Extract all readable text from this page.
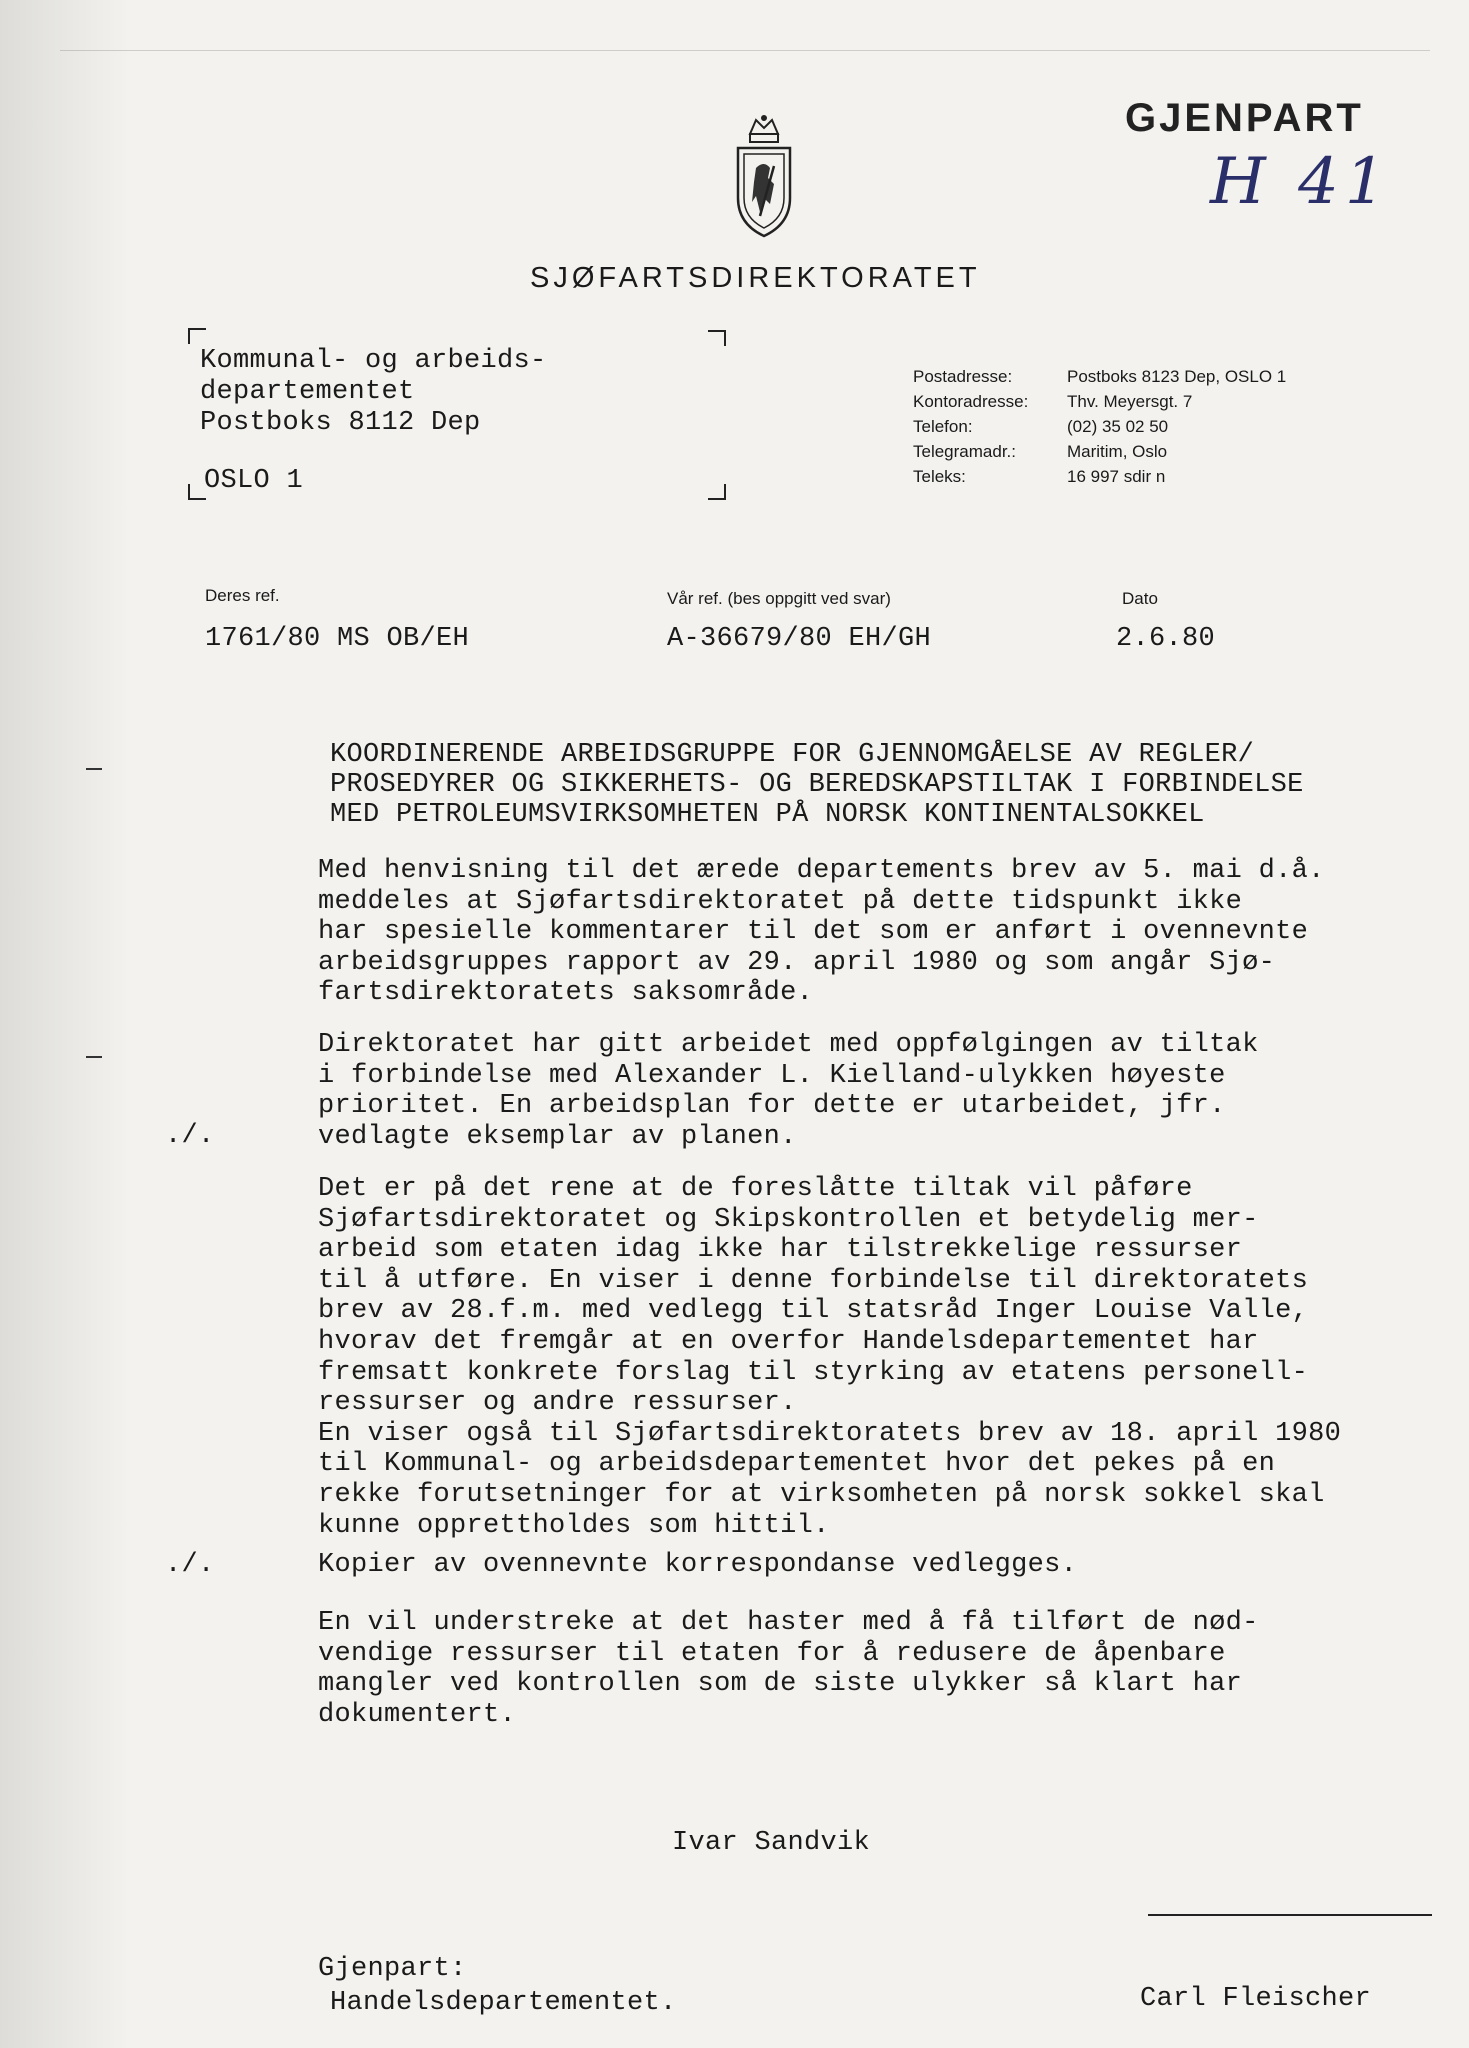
GJENPART
H 41
SJØFARTSDIREKTORATET
Kommunal- og arbeids-
departementet
Postboks 8112 Dep
OSLO 1
Postadresse:	Postboks 8123 Dep, OSLO 1
Kontoradresse:	Thv. Meyersgt. 7
Telefon:	(02) 35 02 50
Telegramadr.:	Maritim, Oslo
Teleks:	16 997 sdir n
Deres ref.
1761/80 MS OB/EH
Vår ref. (bes oppgitt ved svar)
A-36679/80 EH/GH
Dato
2.6.80
KOORDINERENDE ARBEIDSGRUPPE FOR GJENNOMGÅELSE AV REGLER/
PROSEDYRER OG SIKKERHETS- OG BEREDSKAPSTILTAK I FORBINDELSE
MED PETROLEUMSVIRKSOMHETEN PÅ NORSK KONTINENTALSOKKEL
Med henvisning til det ærede departements brev av 5. mai d.å.
meddeles at Sjøfartsdirektoratet på dette tidspunkt ikke
har spesielle kommentarer til det som er anført i ovennevnte
arbeidsgruppes rapport av 29. april 1980 og som angår Sjø-
fartsdirektoratets saksområde.
Direktoratet har gitt arbeidet med oppfølgingen av tiltak
i forbindelse med Alexander L. Kielland-ulykken høyeste
prioritet. En arbeidsplan for dette er utarbeidet, jfr.
vedlagte eksemplar av planen.
./.
Det er på det rene at de foreslåtte tiltak vil påføre
Sjøfartsdirektoratet og Skipskontrollen et betydelig mer-
arbeid som etaten idag ikke har tilstrekkelige ressurser
til å utføre. En viser i denne forbindelse til direktoratets
brev av 28.f.m. med vedlegg til statsråd Inger Louise Valle,
hvorav det fremgår at en overfor Handelsdepartementet har
fremsatt konkrete forslag til styrking av etatens personell-
ressurser og andre ressurser.
En viser også til Sjøfartsdirektoratets brev av 18. april 1980
til Kommunal- og arbeidsdepartementet hvor det pekes på en
rekke forutsetninger for at virksomheten på norsk sokkel skal
kunne opprettholdes som hittil.
Kopier av ovennevnte korrespondanse vedlegges.
./.
En vil understreke at det haster med å få tilført de nød-
vendige ressurser til etaten for å redusere de åpenbare
mangler ved kontrollen som de siste ulykker så klart har
dokumentert.
Ivar Sandvik
Carl Fleischer
Gjenpart:
Handelsdepartementet.
